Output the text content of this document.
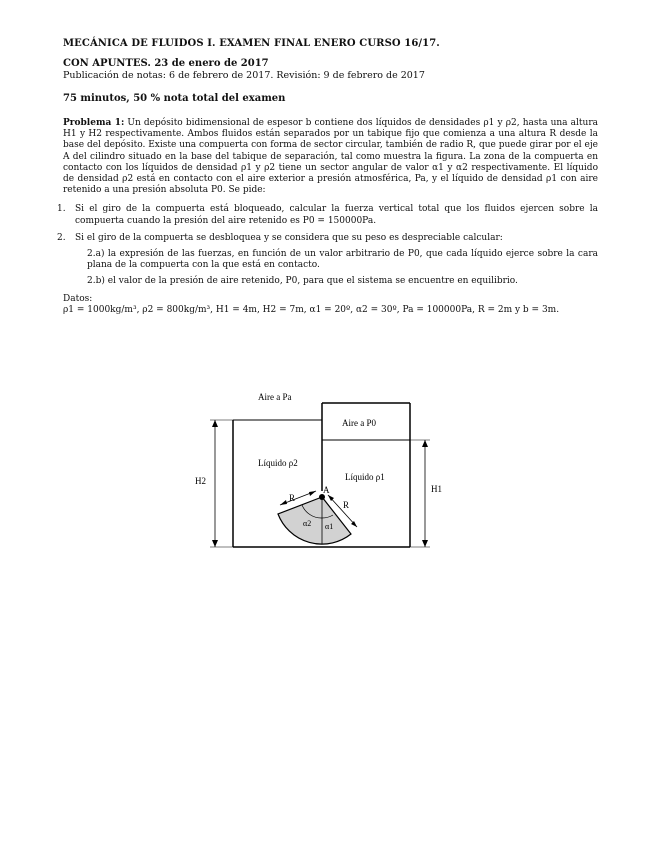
MECÁNICA DE FLUIDOS I. EXAMEN FINAL ENERO CURSO 16/17.

CON APUNTES. 23 de enero de 2017

Publicación de notas: 6 de febrero de 2017. Revisión: 9 de febrero de 2017

75 minutos, 50 % nota total del examen

Problema 1: Un depósito bidimensional de espesor b contiene dos líquidos de densidades ρ1 y ρ2, hasta una altura H1 y H2 respectivamente. Ambos fluidos están separados por un tabique fijo que comienza a una altura R desde la base del depósito. Existe una compuerta con forma de sector circular, también de radio R, que puede girar por el eje A del cilindro situado en la base del tabique de separación, tal como muestra la figura. La zona de la compuerta en contacto con los líquidos de densidad ρ1 y ρ2 tiene un sector angular de valor α1 y α2 respectivamente. El líquido de densidad ρ2 está en contacto con el aire exterior a presión atmosférica, Pa, y el líquido de densidad ρ1 con aire retenido a una presión absoluta P0. Se pide:

1. Si el giro de la compuerta está bloqueado, calcular la fuerza vertical total que los fluidos ejercen sobre la compuerta cuando la presión del aire retenido es P0 = 150000Pa.
2. Si el giro de la compuerta se desbloquea y se considera que su peso es despreciable calcular:
2.a) la expresión de las fuerzas, en función de un valor arbitrario de P0, que cada líquido ejerce sobre la cara plana de la compuerta con la que está en contacto.
2.b) el valor de la presión de aire retenido, P0, para que el sistema se encuentre en equilibrio.

Datos:
ρ1 = 1000kg/m³, ρ2 = 800kg/m³, H1 = 4m, H2 = 7m, α1 = 20º, α2 = 30º, Pa = 100000Pa, R = 2m y b = 3m.

Aire a Pa
Aire a P0
Líquido ρ2
Líquido ρ1
H2
H1
A
R
R
α2 α1
